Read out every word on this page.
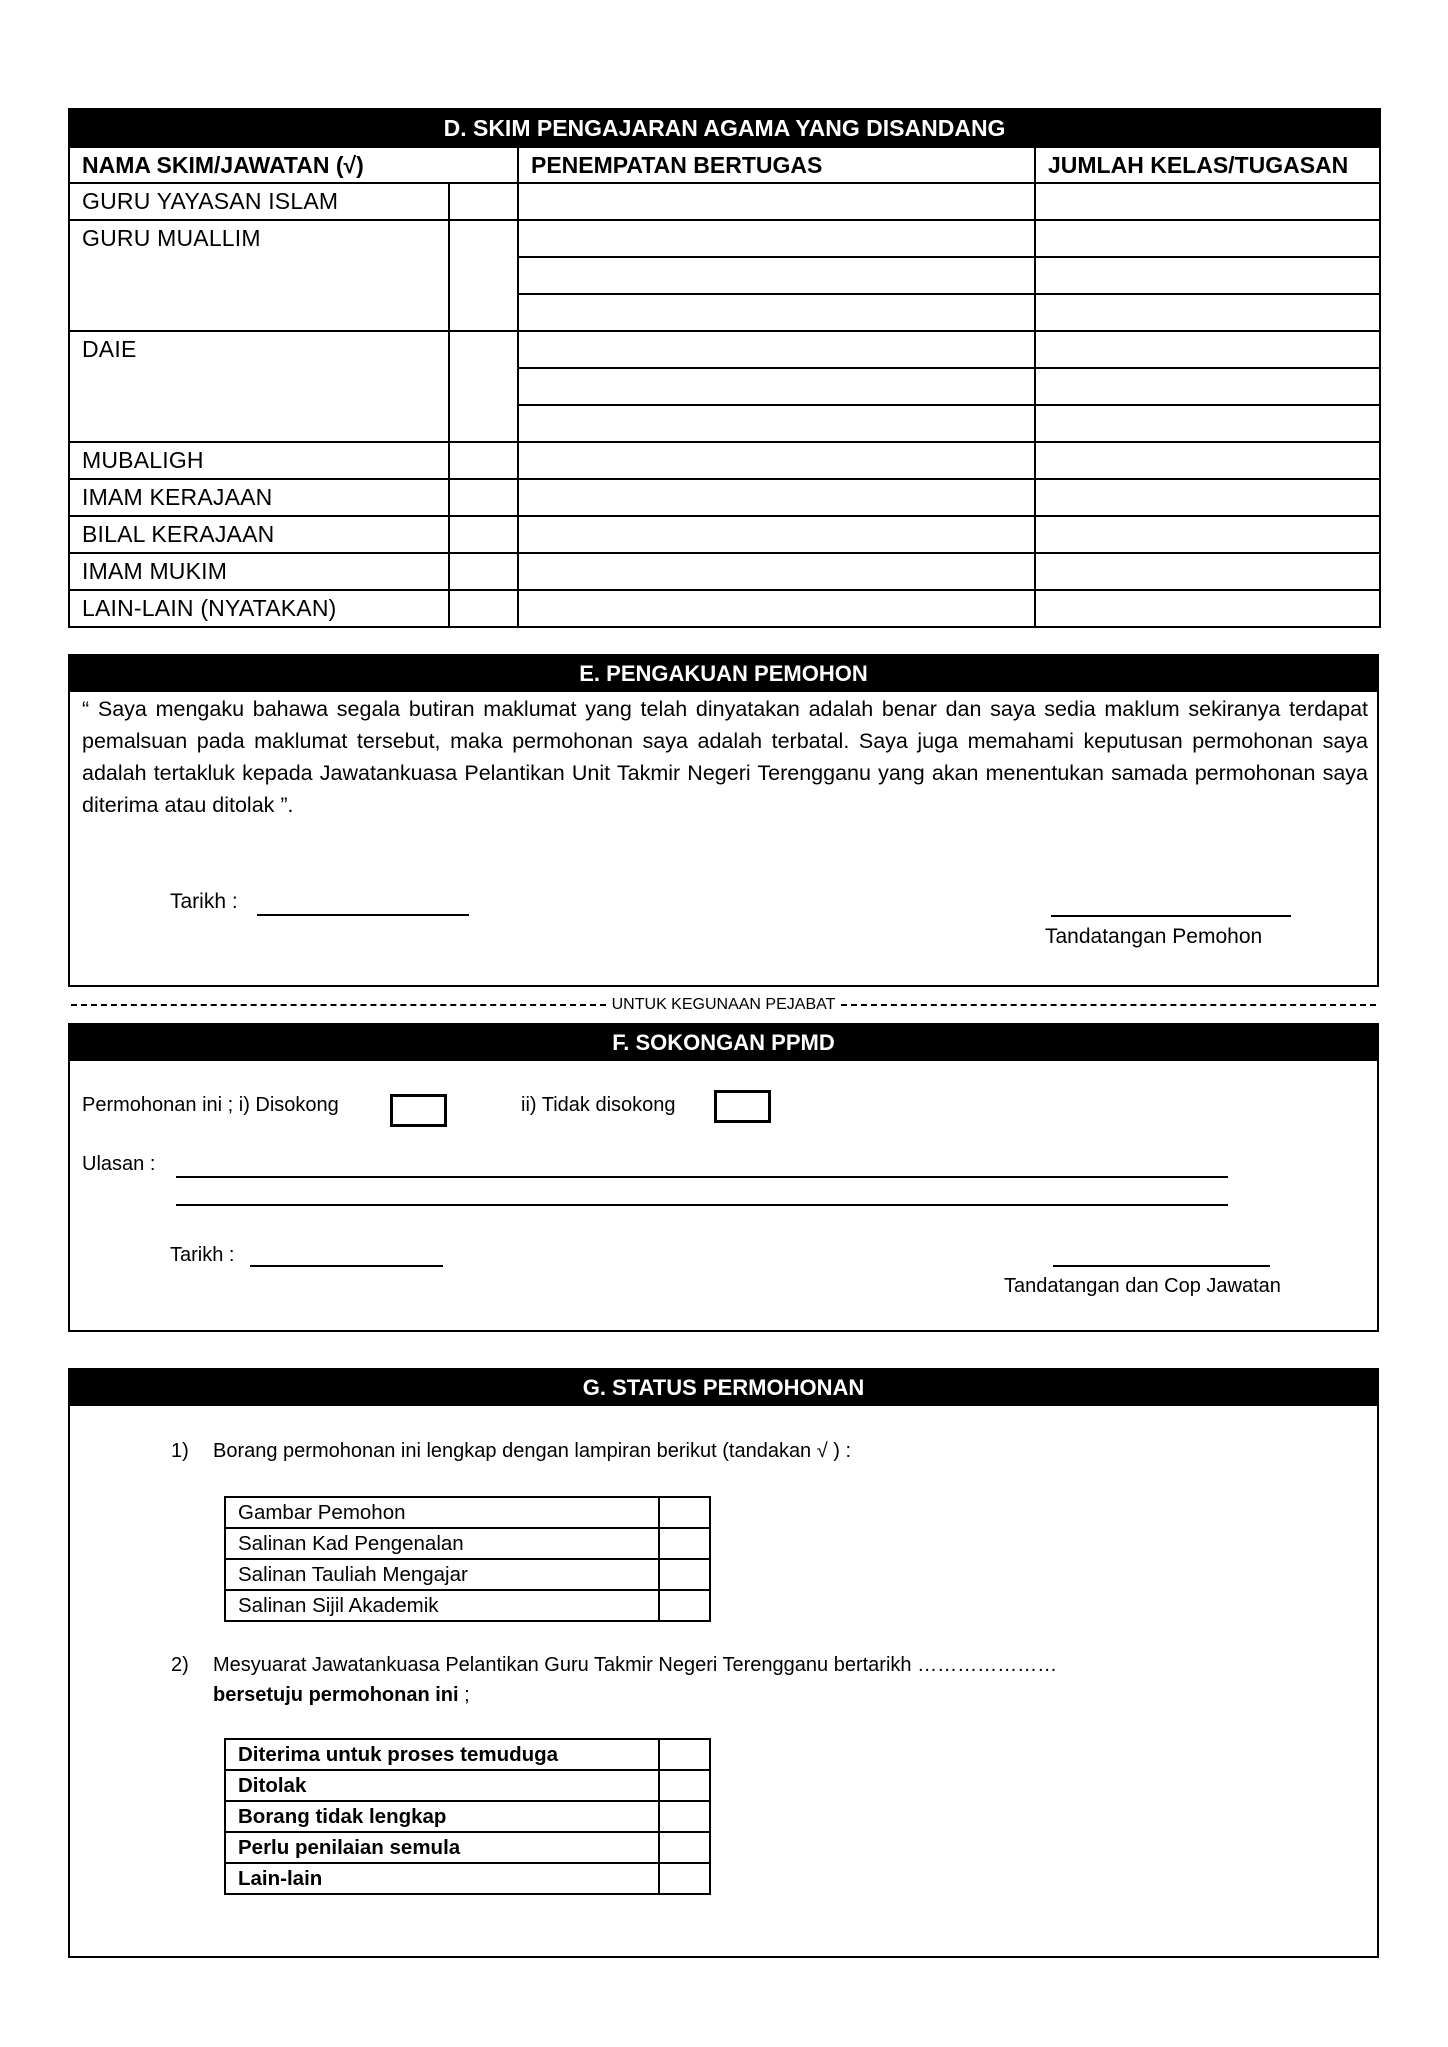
D. SKIM PENGAJARAN AGAMA YANG DISANDANG			
NAMA SKIM/JAWATAN (√)		PENEMPATAN BERTUGAS	JUMLAH KELAS/TUGASAN
GURU YAYASAN ISLAM			
GURU MUALLIM			

DAIE			

MUBALIGH			
IMAM KERAJAAN			
BILAL KERAJAAN			
IMAM MUKIM			
LAIN-LAIN (NYATAKAN)			
E. PENGAKUAN PEMOHON
“ Saya mengaku bahawa segala butiran maklumat yang telah dinyatakan adalah benar dan saya sedia maklum sekiranya terdapat pemalsuan pada maklumat tersebut, maka permohonan saya adalah terbatal. Saya juga memahami keputusan permohonan saya adalah tertakluk kepada Jawatankuasa Pelantikan Unit Takmir Negeri Terengganu yang akan menentukan samada permohonan saya diterima atau ditolak ”.
Tarikh :
Tandatangan Pemohon
UNTUK KEGUNAAN PEJABAT
F. SOKONGAN PPMD
Permohonan ini ; i) Disokong	ii) Tidak disokong
Ulasan :
Tarikh :
Tandatangan dan Cop Jawatan
G. STATUS PERMOHONAN
1) Borang permohonan ini lengkap dengan lampiran berikut (tandakan √ ) :
Gambar Pemohon	
Salinan Kad Pengenalan	
Salinan Tauliah Mengajar	
Salinan Sijil Akademik	
2) Mesyuarat Jawatankuasa Pelantikan Guru Takmir Negeri Terengganu bertarikh …………………
bersetuju permohonan ini ;
Diterima untuk proses temuduga	
Ditolak	
Borang tidak lengkap	
Perlu penilaian semula	
Lain-lain	
